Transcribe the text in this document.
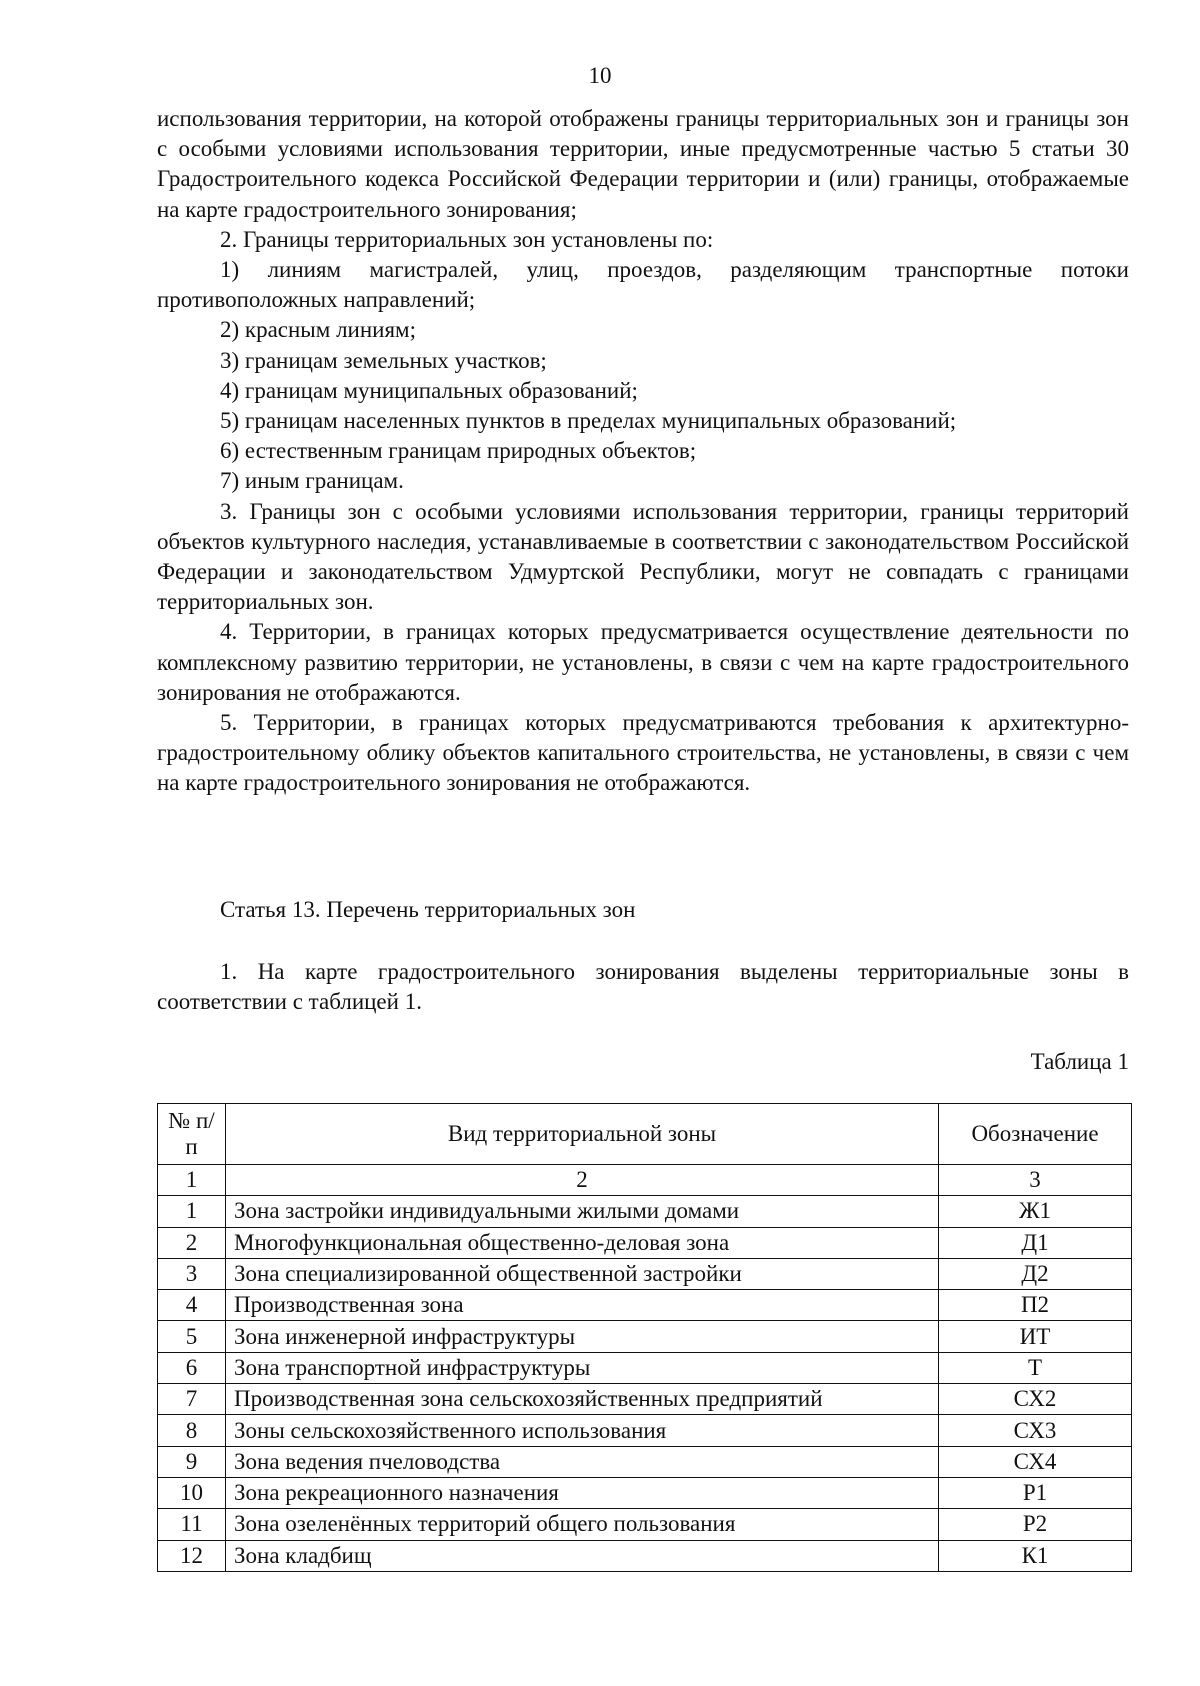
10

использования территории, на которой отображены границы территориальных зон и границы зон с особыми условиями использования территории, иные предусмотренные частью 5 статьи 30 Градостроительного кодекса Российской Федерации территории и (или) границы, отображаемые на карте градостроительного зонирования;

2. Границы территориальных зон установлены по:

1) линиям магистралей, улиц, проездов, разделяющим транспортные потоки противоположных направлений;

2) красным линиям;

3) границам земельных участков;

4) границам муниципальных образований;

5) границам населенных пунктов в пределах муниципальных образований;

6) естественным границам природных объектов;

7) иным границам.

3. Границы зон с особыми условиями использования территории, границы территорий объектов культурного наследия, устанавливаемые в соответствии с законодательством Российской Федерации и законодательством Удмуртской Республики, могут не совпадать с границами территориальных зон.

4. Территории, в границах которых предусматривается осуществление деятельности по комплексному развитию территории, не установлены, в связи с чем на карте градостроительного зонирования не отображаются.

5. Территории, в границах которых предусматриваются требования к архитектурно-градостроительному облику объектов капитального строительства, не установлены, в связи с чем на карте градостроительного зонирования не отображаются.

Статья 13. Перечень территориальных зон

1. На карте градостроительного зонирования выделены территориальные зоны в соответствии с таблицей 1.

Таблица 1
№ п/п	Вид территориальной зоны	Обозначение
1	2	3
1	Зона застройки индивидуальными жилыми домами	Ж1
2	Многофункциональная общественно-деловая зона	Д1
3	Зона специализированной общественной застройки	Д2
4	Производственная зона	П2
5	Зона инженерной инфраструктуры	ИТ
6	Зона транспортной инфраструктуры	Т
7	Производственная зона сельскохозяйственных предприятий	СХ2
8	Зоны сельскохозяйственного использования	СХ3
9	Зона ведения пчеловодства	СХ4
10	Зона рекреационного назначения	Р1
11	Зона озеленённых территорий общего пользования	Р2
12	Зона кладбищ	К1
